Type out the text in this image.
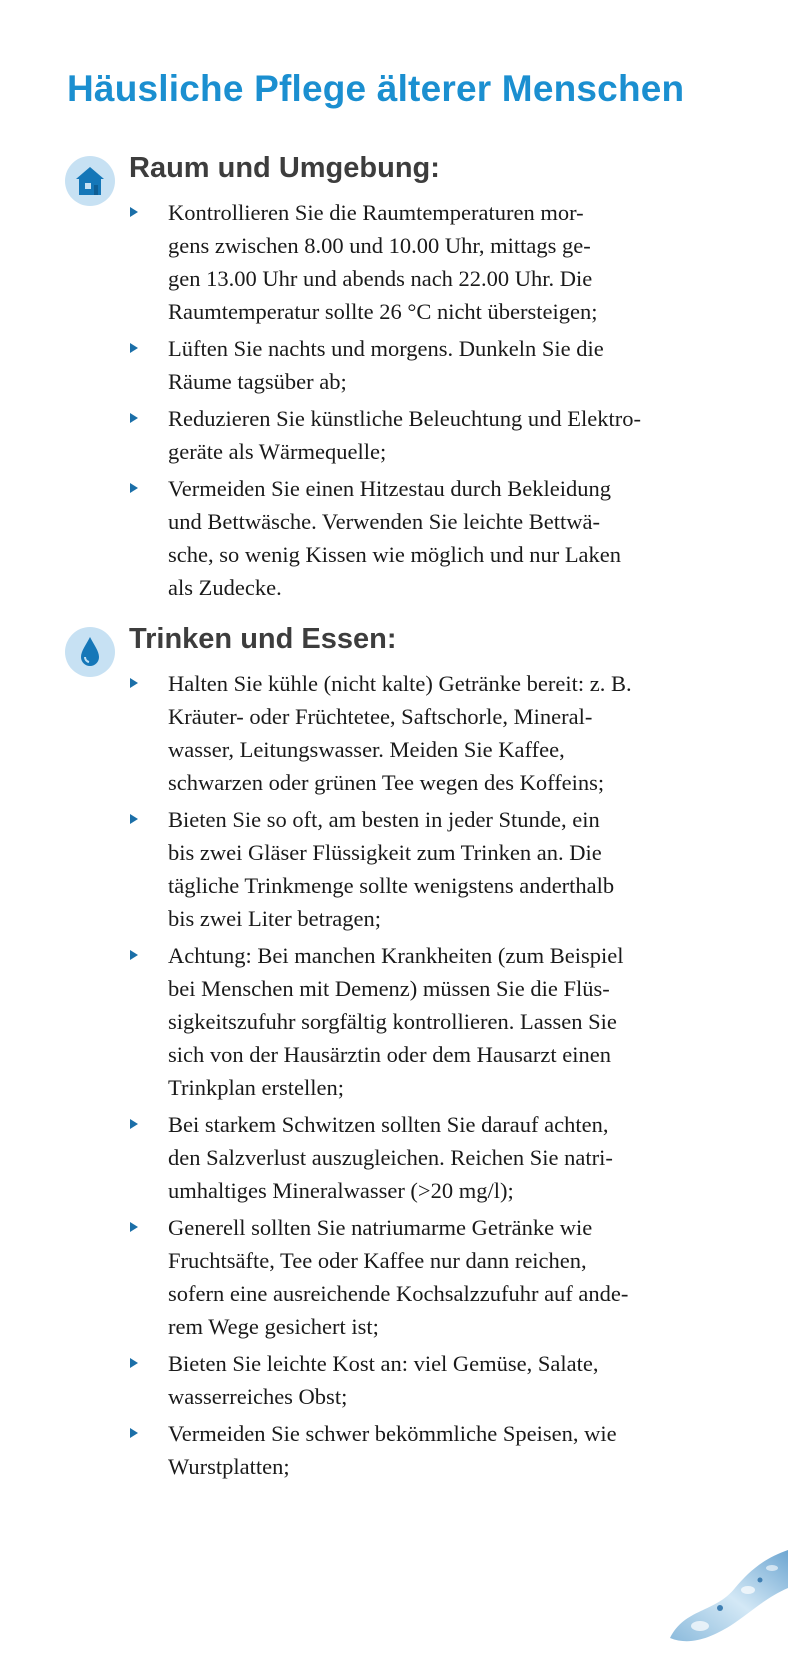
Häusliche Pflege älterer Menschen
Raum und Umgebung:
Kontrollieren Sie die Raumtemperaturen mor-
gens zwischen 8.00 und 10.00 Uhr, mittags ge-
gen 13.00 Uhr und abends nach 22.00 Uhr. Die
Raumtemperatur sollte 26 °C nicht übersteigen;
Lüften Sie nachts und morgens. Dunkeln Sie die
Räume tagsüber ab;
Reduzieren Sie künstliche Beleuchtung und Elektro-
geräte als Wärmequelle;
Vermeiden Sie einen Hitzestau durch Bekleidung
und Bettwäsche. Verwenden Sie leichte Bettwä-
sche, so wenig Kissen wie möglich und nur Laken
als Zudecke.
Trinken und Essen:
Halten Sie kühle (nicht kalte) Getränke bereit: z. B.
Kräuter- oder Früchtetee, Saftschorle, Mineral-
wasser, Leitungswasser. Meiden Sie Kaffee,
schwarzen oder grünen Tee wegen des Koffeins;
Bieten Sie so oft, am besten in jeder Stunde, ein
bis zwei Gläser Flüssigkeit zum Trinken an. Die
tägliche Trinkmenge sollte wenigstens anderthalb
bis zwei Liter betragen;
Achtung: Bei manchen Krankheiten (zum Beispiel
bei Menschen mit Demenz) müssen Sie die Flüs-
sigkeitszufuhr sorgfältig kontrollieren. Lassen Sie
sich von der Hausärztin oder dem Hausarzt einen
Trinkplan erstellen;
Bei starkem Schwitzen sollten Sie darauf achten,
den Salzverlust auszugleichen. Reichen Sie natri-
umhaltiges Mineralwasser (>20 mg/l);
Generell sollten Sie natriumarme Getränke wie
Fruchtsäfte, Tee oder Kaffee nur dann reichen,
sofern eine ausreichende Kochsalzzufuhr auf ande-
rem Wege gesichert ist;
Bieten Sie leichte Kost an: viel Gemüse, Salate,
wasserreiches Obst;
Vermeiden Sie schwer bekömmliche Speisen, wie
Wurstplatten;
